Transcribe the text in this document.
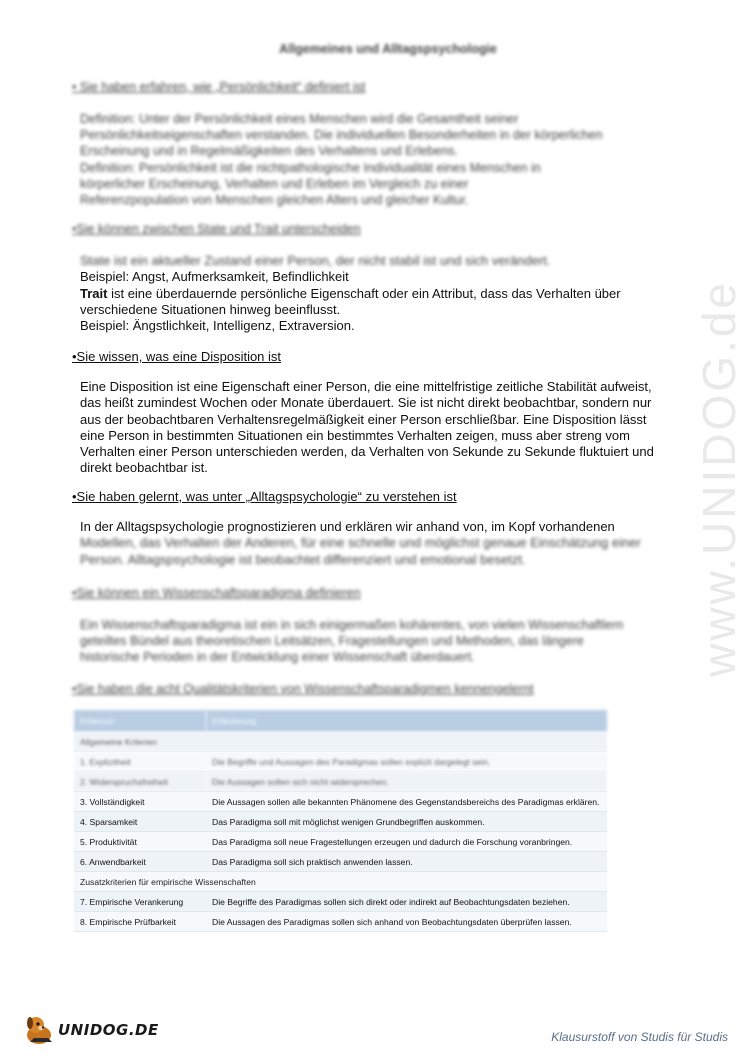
www.UNIDOG.de
Allgemeines und Alltagspsychologie
• Sie haben erfahren, wie „Persönlichkeit“ definiert ist

Definition: Unter der Persönlichkeit eines Menschen wird die Gesamtheit seiner

Persönlichkeitseigenschaften verstanden. Die individuellen Besonderheiten in der körperlichen

Erscheinung und in Regelmäßigkeiten des Verhaltens und Erlebens.

Definition: Persönlichkeit ist die nichtpathologische Individualität eines Menschen in

körperlicher Erscheinung, Verhalten und Erleben im Vergleich zu einer

Referenzpopulation von Menschen gleichen Alters und gleicher Kultur.

•Sie können zwischen State und Trait unterscheiden

State ist ein aktueller Zustand einer Person, der nicht stabil ist und sich verändert.

Beispiel: Angst, Aufmerksamkeit, Befindlichkeit

Trait ist eine überdauernde persönliche Eigenschaft oder ein Attribut, dass das Verhalten über

verschiedene Situationen hinweg beeinflusst.

Beispiel: Ängstlichkeit, Intelligenz, Extraversion.

•Sie wissen, was eine Disposition ist

Eine Disposition ist eine Eigenschaft einer Person, die eine mittelfristige zeitliche Stabilität aufweist,

das heißt zumindest Wochen oder Monate überdauert. Sie ist nicht direkt beobachtbar, sondern nur

aus der beobachtbaren Verhaltensregelmäßigkeit einer Person erschließbar. Eine Disposition lässt

eine Person in bestimmten Situationen ein bestimmtes Verhalten zeigen, muss aber streng vom

Verhalten einer Person unterschieden werden, da Verhalten von Sekunde zu Sekunde fluktuiert und

direkt beobachtbar ist.

•Sie haben gelernt, was unter „Alltagspsychologie“ zu verstehen ist

In der Alltagspsychologie prognostizieren und erklären wir anhand von, im Kopf vorhandenen

Modellen, das Verhalten der Anderen, für eine schnelle und möglichst genaue Einschätzung einer

Person. Alltagspsychologie ist beobachtet differenziert und emotional besetzt.

•Sie können ein Wissenschaftsparadigma definieren

Ein Wissenschaftsparadigma ist ein in sich einigermaßen kohärentes, von vielen Wissenschaftlern

geteiltes Bündel aus theoretischen Leitsätzen, Fragestellungen und Methoden, das längere

historische Perioden in der Entwicklung einer Wissenschaft überdauert.

•Sie haben die acht Qualitätskriterien von Wissenschaftsparadigmen kennengelernt
Kriterium	Erläuterung
Allgemeine Kriterien	
1. Explizitheit	Die Begriffe und Aussagen des Paradigmas sollen explizit dargelegt sein.
2. Widerspruchsfreiheit	Die Aussagen sollen sich nicht widersprechen.
3. Vollständigkeit	Die Aussagen sollen alle bekannten Phänomene des Gegenstandsbereichs des Paradigmas erklären.
4. Sparsamkeit	Das Paradigma soll mit möglichst wenigen Grundbegriffen auskommen.
5. Produktivität	Das Paradigma soll neue Fragestellungen erzeugen und dadurch die Forschung voranbringen.
6. Anwendbarkeit	Das Paradigma soll sich praktisch anwenden lassen.
Zusatzkriterien für empirische Wissenschaften	
7. Empirische Verankerung	Die Begriffe des Paradigmas sollen sich direkt oder indirekt auf Beobachtungsdaten beziehen.
8. Empirische Prüfbarkeit	Die Aussagen des Paradigmas sollen sich anhand von Beobachtungsdaten überprüfen lassen.
UNIDOG.DE	Klausurstoff von Studis für Studis
